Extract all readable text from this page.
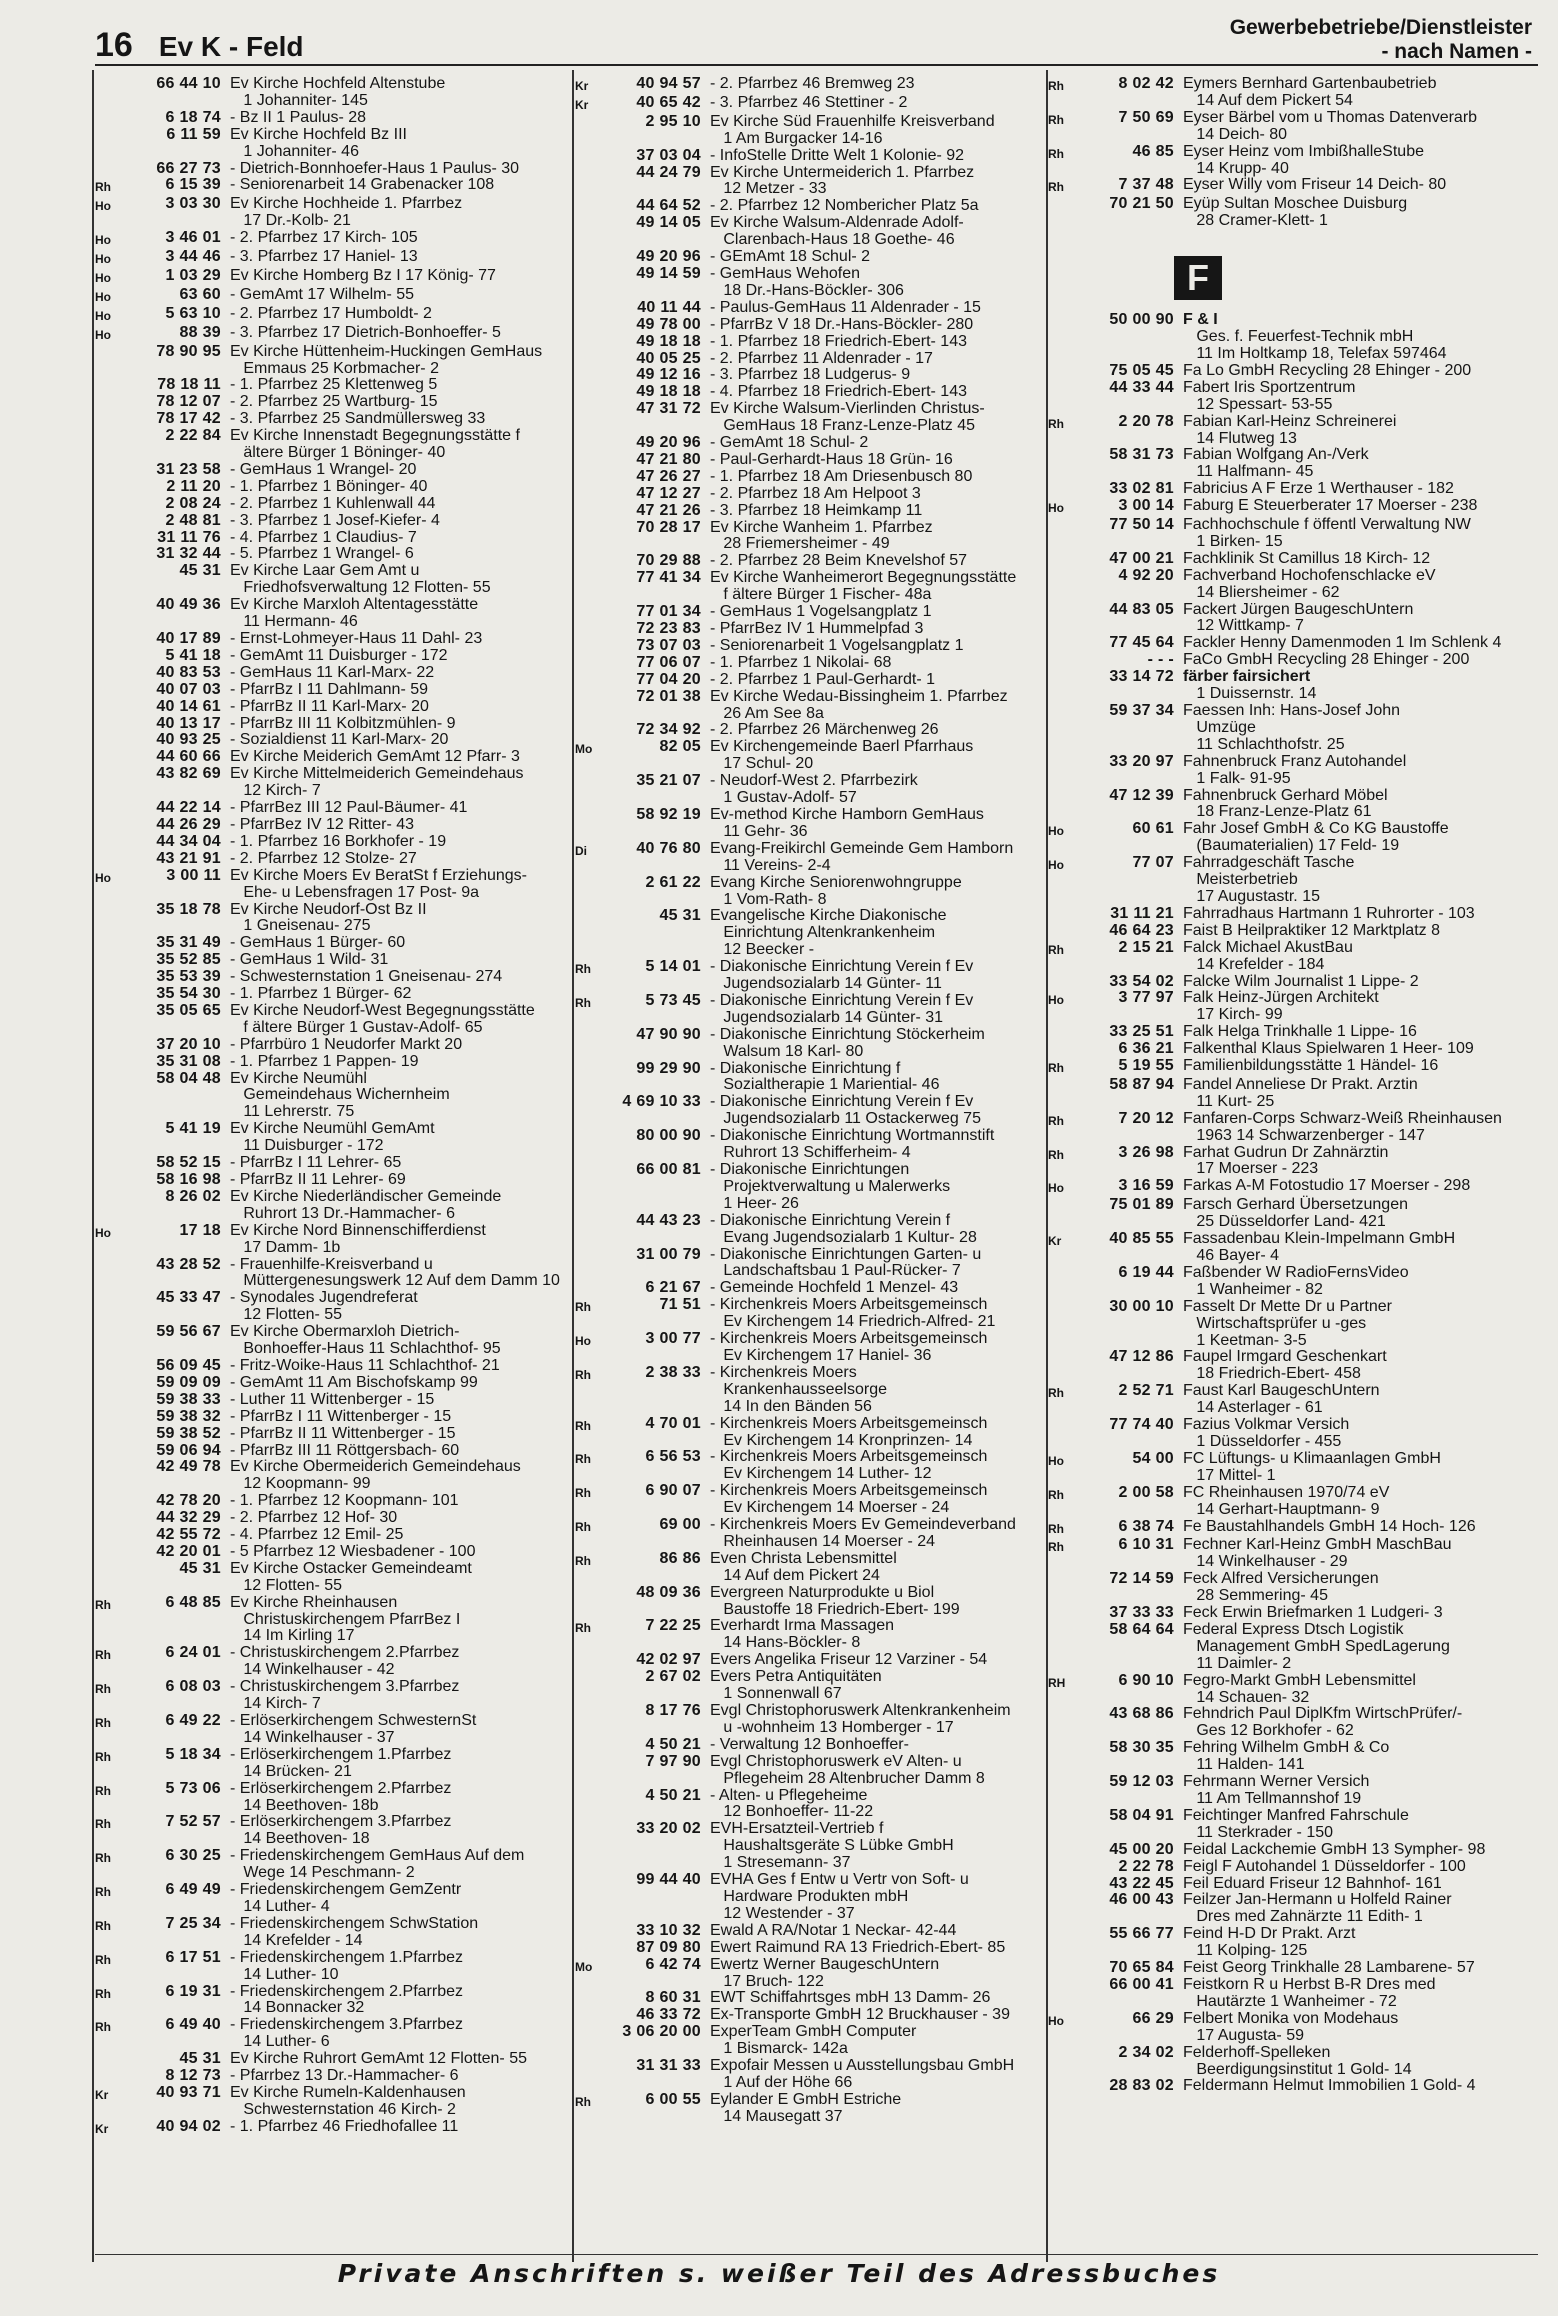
16 Ev K - Feld
Gewerbebetriebe/Dienstleister
- nach Namen -
66 44 10 Ev Kirche Hochfeld Altenstube
1 Johanniter- 145
6 18 74 - Bz II 1 Paulus- 28
6 11 59 Ev Kirche Hochfeld Bz III
1 Johanniter- 46
66 27 73 - Dietrich-Bonnhoefer-Haus 1 Paulus- 30
Rh	6 15 39 - Seniorenarbeit 14 Grabenacker 108
Ho	3 03 30 Ev Kirche Hochheide 1. Pfarrbez
17 Dr.-Kolb- 21
Ho	3 46 01 - 2. Pfarrbez 17 Kirch- 105
Ho	3 44 46 - 3. Pfarrbez 17 Haniel- 13
Ho	1 03 29 Ev Kirche Homberg Bz I 17 König- 77
Ho	63 60 - GemAmt 17 Wilhelm- 55
Ho	5 63 10 - 2. Pfarrbez 17 Humboldt- 2
Ho	88 39 - 3. Pfarrbez 17 Dietrich-Bonhoeffer- 5
78 90 95 Ev Kirche Hüttenheim-Huckingen GemHaus
Emmaus 25 Korbmacher- 2
78 18 11 - 1. Pfarrbez 25 Klettenweg 5
78 12 07 - 2. Pfarrbez 25 Wartburg- 15
78 17 42 - 3. Pfarrbez 25 Sandmüllersweg 33
2 22 84 Ev Kirche Innenstadt Begegnungsstätte f
ältere Bürger 1 Böninger- 40
31 23 58 - GemHaus 1 Wrangel- 20
2 11 20 - 1. Pfarrbez 1 Böninger- 40
2 08 24 - 2. Pfarrbez 1 Kuhlenwall 44
2 48 81 - 3. Pfarrbez 1 Josef-Kiefer- 4
31 11 76 - 4. Pfarrbez 1 Claudius- 7
31 32 44 - 5. Pfarrbez 1 Wrangel- 6
45 31 Ev Kirche Laar Gem Amt u
Friedhofsverwaltung 12 Flotten- 55
40 49 36 Ev Kirche Marxloh Altentagesstätte
11 Hermann- 46
40 17 89 - Ernst-Lohmeyer-Haus 11 Dahl- 23
5 41 18 - GemAmt 11 Duisburger - 172
40 83 53 - GemHaus 11 Karl-Marx- 22
40 07 03 - PfarrBz I 11 Dahlmann- 59
40 14 61 - PfarrBz II 11 Karl-Marx- 20
40 13 17 - PfarrBz III 11 Kolbitzmühlen- 9
40 93 25 - Sozialdienst 11 Karl-Marx- 20
44 60 66 Ev Kirche Meiderich GemAmt 12 Pfarr- 3
43 82 69 Ev Kirche Mittelmeiderich Gemeindehaus
12 Kirch- 7
44 22 14 - PfarrBez III 12 Paul-Bäumer- 41
44 26 29 - PfarrBez IV 12 Ritter- 43
44 34 04 - 1. Pfarrbez 16 Borkhofer - 19
43 21 91 - 2. Pfarrbez 12 Stolze- 27
Ho	3 00 11 Ev Kirche Moers Ev BeratSt f Erziehungs-
Ehe- u Lebensfragen 17 Post- 9a
35 18 78 Ev Kirche Neudorf-Ost Bz II
1 Gneisenau- 275
35 31 49 - GemHaus 1 Bürger- 60
35 52 85 - GemHaus 1 Wild- 31
35 53 39 - Schwesternstation 1 Gneisenau- 274
35 54 30 - 1. Pfarrbez 1 Bürger- 62
35 05 65 Ev Kirche Neudorf-West Begegnungsstätte
f ältere Bürger 1 Gustav-Adolf- 65
37 20 10 - Pfarrbüro 1 Neudorfer Markt 20
35 31 08 - 1. Pfarrbez 1 Pappen- 19
58 04 48 Ev Kirche Neumühl
Gemeindehaus Wichernheim
11 Lehrerstr. 75
5 41 19 Ev Kirche Neumühl GemAmt
11 Duisburger - 172
58 52 15 - PfarrBz I 11 Lehrer- 65
58 16 98 - PfarrBz II 11 Lehrer- 69
8 26 02 Ev Kirche Niederländischer Gemeinde
Ruhrort 13 Dr.-Hammacher- 6
Ho	17 18 Ev Kirche Nord Binnenschifferdienst
17 Damm- 1b
43 28 52 - Frauenhilfe-Kreisverband u
Müttergenesungswerk 12 Auf dem Damm 10
45 33 47 - Synodales Jugendreferat
12 Flotten- 55
59 56 67 Ev Kirche Obermarxloh Dietrich-
Bonhoeffer-Haus 11 Schlachthof- 95
56 09 45 - Fritz-Woike-Haus 11 Schlachthof- 21
59 09 09 - GemAmt 11 Am Bischofskamp 99
59 38 33 - Luther 11 Wittenberger - 15
59 38 32 - PfarrBz I 11 Wittenberger - 15
59 38 52 - PfarrBz II 11 Wittenberger - 15
59 06 94 - PfarrBz III 11 Röttgersbach- 60
42 49 78 Ev Kirche Obermeiderich Gemeindehaus
12 Koopmann- 99
42 78 20 - 1. Pfarrbez 12 Koopmann- 101
44 32 29 - 2. Pfarrbez 12 Hof- 30
42 55 72 - 4. Pfarrbez 12 Emil- 25
42 20 01 - 5 Pfarrbez 12 Wiesbadener - 100
45 31 Ev Kirche Ostacker Gemeindeamt
12 Flotten- 55
Rh	6 48 85 Ev Kirche Rheinhausen
Christuskirchengem PfarrBez I
14 Im Kirling 17
Rh	6 24 01 - Christuskirchengem 2.Pfarrbez
14 Winkelhauser - 42
Rh	6 08 03 - Christuskirchengem 3.Pfarrbez
14 Kirch- 7
Rh	6 49 22 - Erlöserkirchengem SchwesternSt
14 Winkelhauser - 37
Rh	5 18 34 - Erlöserkirchengem 1.Pfarrbez
14 Brücken- 21
Rh	5 73 06 - Erlöserkirchengem 2.Pfarrbez
14 Beethoven- 18b
Rh	7 52 57 - Erlöserkirchengem 3.Pfarrbez
14 Beethoven- 18
Rh	6 30 25 - Friedenskirchengem GemHaus Auf dem
Wege 14 Peschmann- 2
Rh	6 49 49 - Friedenskirchengem GemZentr
14 Luther- 4
Rh	7 25 34 - Friedenskirchengem SchwStation
14 Krefelder - 14
Rh	6 17 51 - Friedenskirchengem 1.Pfarrbez
14 Luther- 10
Rh	6 19 31 - Friedenskirchengem 2.Pfarrbez
14 Bonnacker 32
Rh	6 49 40 - Friedenskirchengem 3.Pfarrbez
14 Luther- 6
45 31 Ev Kirche Ruhrort GemAmt 12 Flotten- 55
8 12 73 - Pfarrbez 13 Dr.-Hammacher- 6
Kr	40 93 71 Ev Kirche Rumeln-Kaldenhausen
Schwesternstation 46 Kirch- 2
Kr	40 94 02 - 1. Pfarrbez 46 Friedhofallee 11
Kr	40 94 57 - 2. Pfarrbez 46 Bremweg 23
Kr	40 65 42 - 3. Pfarrbez 46 Stettiner - 2
2 95 10 Ev Kirche Süd Frauenhilfe Kreisverband
1 Am Burgacker 14-16
37 03 04 - InfoStelle Dritte Welt 1 Kolonie- 92
44 24 79 Ev Kirche Untermeiderich 1. Pfarrbez
12 Metzer - 33
44 64 52 - 2. Pfarrbez 12 Nombericher Platz 5a
49 14 05 Ev Kirche Walsum-Aldenrade Adolf-
Clarenbach-Haus 18 Goethe- 46
49 20 96 - GEmAmt 18 Schul- 2
49 14 59 - GemHaus Wehofen
18 Dr.-Hans-Böckler- 306
40 11 44 - Paulus-GemHaus 11 Aldenrader - 15
49 78 00 - PfarrBz V 18 Dr.-Hans-Böckler- 280
49 18 18 - 1. Pfarrbez 18 Friedrich-Ebert- 143
40 05 25 - 2. Pfarrbez 11 Aldenrader - 17
49 12 16 - 3. Pfarrbez 18 Ludgerus- 9
49 18 18 - 4. Pfarrbez 18 Friedrich-Ebert- 143
47 31 72 Ev Kirche Walsum-Vierlinden Christus-
GemHaus 18 Franz-Lenze-Platz 45
49 20 96 - GemAmt 18 Schul- 2
47 21 80 - Paul-Gerhardt-Haus 18 Grün- 16
47 26 27 - 1. Pfarrbez 18 Am Driesenbusch 80
47 12 27 - 2. Pfarrbez 18 Am Helpoot 3
47 21 26 - 3. Pfarrbez 18 Heimkamp 11
70 28 17 Ev Kirche Wanheim 1. Pfarrbez
28 Friemersheimer - 49
70 29 88 - 2. Pfarrbez 28 Beim Knevelshof 57
77 41 34 Ev Kirche Wanheimerort Begegnungsstätte
f ältere Bürger 1 Fischer- 48a
77 01 34 - GemHaus 1 Vogelsangplatz 1
72 23 83 - PfarrBez IV 1 Hummelpfad 3
73 07 03 - Seniorenarbeit 1 Vogelsangplatz 1
77 06 07 - 1. Pfarrbez 1 Nikolai- 68
77 04 20 - 2. Pfarrbez 1 Paul-Gerhardt- 1
72 01 38 Ev Kirche Wedau-Bissingheim 1. Pfarrbez
26 Am See 8a
72 34 92 - 2. Pfarrbez 26 Märchenweg 26
Mo	82 05 Ev Kirchengemeinde Baerl Pfarrhaus
17 Schul- 20
35 21 07 - Neudorf-West 2. Pfarrbezirk
1 Gustav-Adolf- 57
58 92 19 Ev-method Kirche Hamborn GemHaus
11 Gehr- 36
Di	40 76 80 Evang-Freikirchl Gemeinde Gem Hamborn
11 Vereins- 2-4
2 61 22 Evang Kirche Seniorenwohngruppe
1 Vom-Rath- 8
45 31 Evangelische Kirche Diakonische
Einrichtung Altenkrankenheim
12 Beecker -
Rh	5 14 01 - Diakonische Einrichtung Verein f Ev
Jugendsozialarb 14 Günter- 11
Rh	5 73 45 - Diakonische Einrichtung Verein f Ev
Jugendsozialarb 14 Günter- 31
47 90 90 - Diakonische Einrichtung Stöckerheim
Walsum 18 Karl- 80
99 29 90 - Diakonische Einrichtung f
Sozialtherapie 1 Mariential- 46
4 69 10 33 - Diakonische Einrichtung Verein f Ev
Jugendsozialarb 11 Ostackerweg 75
80 00 90 - Diakonische Einrichtung Wortmannstift
Ruhrort 13 Schifferheim- 4
66 00 81 - Diakonische Einrichtungen
Projektverwaltung u Malerwerks
1 Heer- 26
44 43 23 - Diakonische Einrichtung Verein f
Evang Jugendsozialarb 1 Kultur- 28
31 00 79 - Diakonische Einrichtungen Garten- u
Landschaftsbau 1 Paul-Rücker- 7
6 21 67 - Gemeinde Hochfeld 1 Menzel- 43
Rh	71 51 - Kirchenkreis Moers Arbeitsgemeinsch
Ev Kirchengem 14 Friedrich-Alfred- 21
Ho	3 00 77 - Kirchenkreis Moers Arbeitsgemeinsch
Ev Kirchengem 17 Haniel- 36
Rh	2 38 33 - Kirchenkreis Moers
Krankenhausseelsorge
14 In den Bänden 56
Rh	4 70 01 - Kirchenkreis Moers Arbeitsgemeinsch
Ev Kirchengem 14 Kronprinzen- 14
Rh	6 56 53 - Kirchenkreis Moers Arbeitsgemeinsch
Ev Kirchengem 14 Luther- 12
Rh	6 90 07 - Kirchenkreis Moers Arbeitsgemeinsch
Ev Kirchengem 14 Moerser - 24
Rh	69 00 - Kirchenkreis Moers Ev Gemeindeverband
Rheinhausen 14 Moerser - 24
Rh	86 86 Even Christa Lebensmittel
14 Auf dem Pickert 24
48 09 36 Evergreen Naturprodukte u Biol
Baustoffe 18 Friedrich-Ebert- 199
Rh	7 22 25 Everhardt Irma Massagen
14 Hans-Böckler- 8
42 02 97 Evers Angelika Friseur 12 Varziner - 54
2 67 02 Evers Petra Antiquitäten
1 Sonnenwall 67
8 17 76 Evgl Christophoruswerk Altenkrankenheim
u -wohnheim 13 Homberger - 17
4 50 21 - Verwaltung 12 Bonhoeffer-
7 97 90 Evgl Christophoruswerk eV Alten- u
Pflegeheim 28 Altenbrucher Damm 8
4 50 21 - Alten- u Pflegeheime
12 Bonhoeffer- 11-22
33 20 02 EVH-Ersatzteil-Vertrieb f
Haushaltsgeräte S Lübke GmbH
1 Stresemann- 37
99 44 40 EVHA Ges f Entw u Vertr von Soft- u
Hardware Produkten mbH
12 Westender - 37
33 10 32 Ewald A RA/Notar 1 Neckar- 42-44
87 09 80 Ewert Raimund RA 13 Friedrich-Ebert- 85
Mo	6 42 74 Ewertz Werner BaugeschUntern
17 Bruch- 122
8 60 31 EWT Schiffahrtsges mbH 13 Damm- 26
46 33 72 Ex-Transporte GmbH 12 Bruckhauser - 39
3 06 20 00 ExperTeam GmbH Computer
1 Bismarck- 142a
31 31 33 Expofair Messen u Ausstellungsbau GmbH
1 Auf der Höhe 66
Rh	6 00 55 Eylander E GmbH Estriche
14 Mausegatt 37
Rh	8 02 42 Eymers Bernhard Gartenbaubetrieb
14 Auf dem Pickert 54
Rh	7 50 69 Eyser Bärbel vom u Thomas Datenverarb
14 Deich- 80
Rh	46 85 Eyser Heinz vom ImbißhalleStube
14 Krupp- 40
Rh	7 37 48 Eyser Willy vom Friseur 14 Deich- 80
70 21 50 Eyüp Sultan Moschee Duisburg
28 Cramer-Klett- 1
F
50 00 90 F & I
Ges. f. Feuerfest-Technik mbH
11 Im Holtkamp 18, Telefax 597464
75 05 45 Fa Lo GmbH Recycling 28 Ehinger - 200
44 33 44 Fabert Iris Sportzentrum
12 Spessart- 53-55
Rh	2 20 78 Fabian Karl-Heinz Schreinerei
14 Flutweg 13
58 31 73 Fabian Wolfgang An-/Verk
11 Halfmann- 45
33 02 81 Fabricius A F Erze 1 Werthauser - 182
Ho	3 00 14 Faburg E Steuerberater 17 Moerser - 238
77 50 14 Fachhochschule f öffentl Verwaltung NW
1 Birken- 15
47 00 21 Fachklinik St Camillus 18 Kirch- 12
4 92 20 Fachverband Hochofenschlacke eV
14 Bliersheimer - 62
44 83 05 Fackert Jürgen BaugeschUntern
12 Wittkamp- 7
77 45 64 Fackler Henny Damenmoden 1 Im Schlenk 4
- - - FaCo GmbH Recycling 28 Ehinger - 200
33 14 72 färber fairsichert
1 Duissernstr. 14
59 37 34 Faessen Inh: Hans-Josef John
Umzüge
11 Schlachthofstr. 25
33 20 97 Fahnenbruck Franz Autohandel
1 Falk- 91-95
47 12 39 Fahnenbruck Gerhard Möbel
18 Franz-Lenze-Platz 61
Ho	60 61 Fahr Josef GmbH & Co KG Baustoffe
(Baumaterialien) 17 Feld- 19
Ho	77 07 Fahrradgeschäft Tasche
Meisterbetrieb
17 Augustastr. 15
31 11 21 Fahrradhaus Hartmann 1 Ruhrorter - 103
46 64 23 Faist B Heilpraktiker 12 Marktplatz 8
Rh	2 15 21 Falck Michael AkustBau
14 Krefelder - 184
33 54 02 Falcke Wilm Journalist 1 Lippe- 2
Ho	3 77 97 Falk Heinz-Jürgen Architekt
17 Kirch- 99
33 25 51 Falk Helga Trinkhalle 1 Lippe- 16
6 36 21 Falkenthal Klaus Spielwaren 1 Heer- 109
Rh	5 19 55 Familienbildungsstätte 1 Händel- 16
58 87 94 Fandel Anneliese Dr Prakt. Arztin
11 Kurt- 25
Rh	7 20 12 Fanfaren-Corps Schwarz-Weiß Rheinhausen
1963 14 Schwarzenberger - 147
Rh	3 26 98 Farhat Gudrun Dr Zahnärztin
17 Moerser - 223
Ho	3 16 59 Farkas A-M Fotostudio 17 Moerser - 298
75 01 89 Farsch Gerhard Übersetzungen
25 Düsseldorfer Land- 421
Kr	40 85 55 Fassadenbau Klein-Impelmann GmbH
46 Bayer- 4
6 19 44 Faßbender W RadioFernsVideo
1 Wanheimer - 82
30 00 10 Fasselt Dr Mette Dr u Partner
Wirtschaftsprüfer u -ges
1 Keetman- 3-5
47 12 86 Faupel Irmgard Geschenkart
18 Friedrich-Ebert- 458
Rh	2 52 71 Faust Karl BaugeschUntern
14 Asterlager - 61
77 74 40 Fazius Volkmar Versich
1 Düsseldorfer - 455
Ho	54 00 FC Lüftungs- u Klimaanlagen GmbH
17 Mittel- 1
Rh	2 00 58 FC Rheinhausen 1970/74 eV
14 Gerhart-Hauptmann- 9
Rh	6 38 74 Fe Baustahlhandels GmbH 14 Hoch- 126
Rh	6 10 31 Fechner Karl-Heinz GmbH MaschBau
14 Winkelhauser - 29
72 14 59 Feck Alfred Versicherungen
28 Semmering- 45
37 33 33 Feck Erwin Briefmarken 1 Ludgeri- 3
58 64 64 Federal Express Dtsch Logistik
Management GmbH SpedLagerung
11 Daimler- 2
RH	6 90 10 Fegro-Markt GmbH Lebensmittel
14 Schauen- 32
43 68 86 Fehndrich Paul DiplKfm WirtschPrüfer/-
Ges 12 Borkhofer - 62
58 30 35 Fehring Wilhelm GmbH & Co
11 Halden- 141
59 12 03 Fehrmann Werner Versich
11 Am Tellmannshof 19
58 04 91 Feichtinger Manfred Fahrschule
11 Sterkrader - 150
45 00 20 Feidal Lackchemie GmbH 13 Sympher- 98
2 22 78 Feigl F Autohandel 1 Düsseldorfer - 100
43 22 45 Feil Eduard Friseur 12 Bahnhof- 161
46 00 43 Feilzer Jan-Hermann u Holfeld Rainer
Dres med Zahnärzte 11 Edith- 1
55 66 77 Feind H-D Dr Prakt. Arzt
11 Kolping- 125
70 65 84 Feist Georg Trinkhalle 28 Lambarene- 57
66 00 41 Feistkorn R u Herbst B-R Dres med
Hautärzte 1 Wanheimer - 72
Ho	66 29 Felbert Monika von Modehaus
17 Augusta- 59
2 34 02 Felderhoff-Spelleken
Beerdigungsinstitut 1 Gold- 14
28 83 02 Feldermann Helmut Immobilien 1 Gold- 4
Private Anschriften s. weißer Teil des Adressbuches
